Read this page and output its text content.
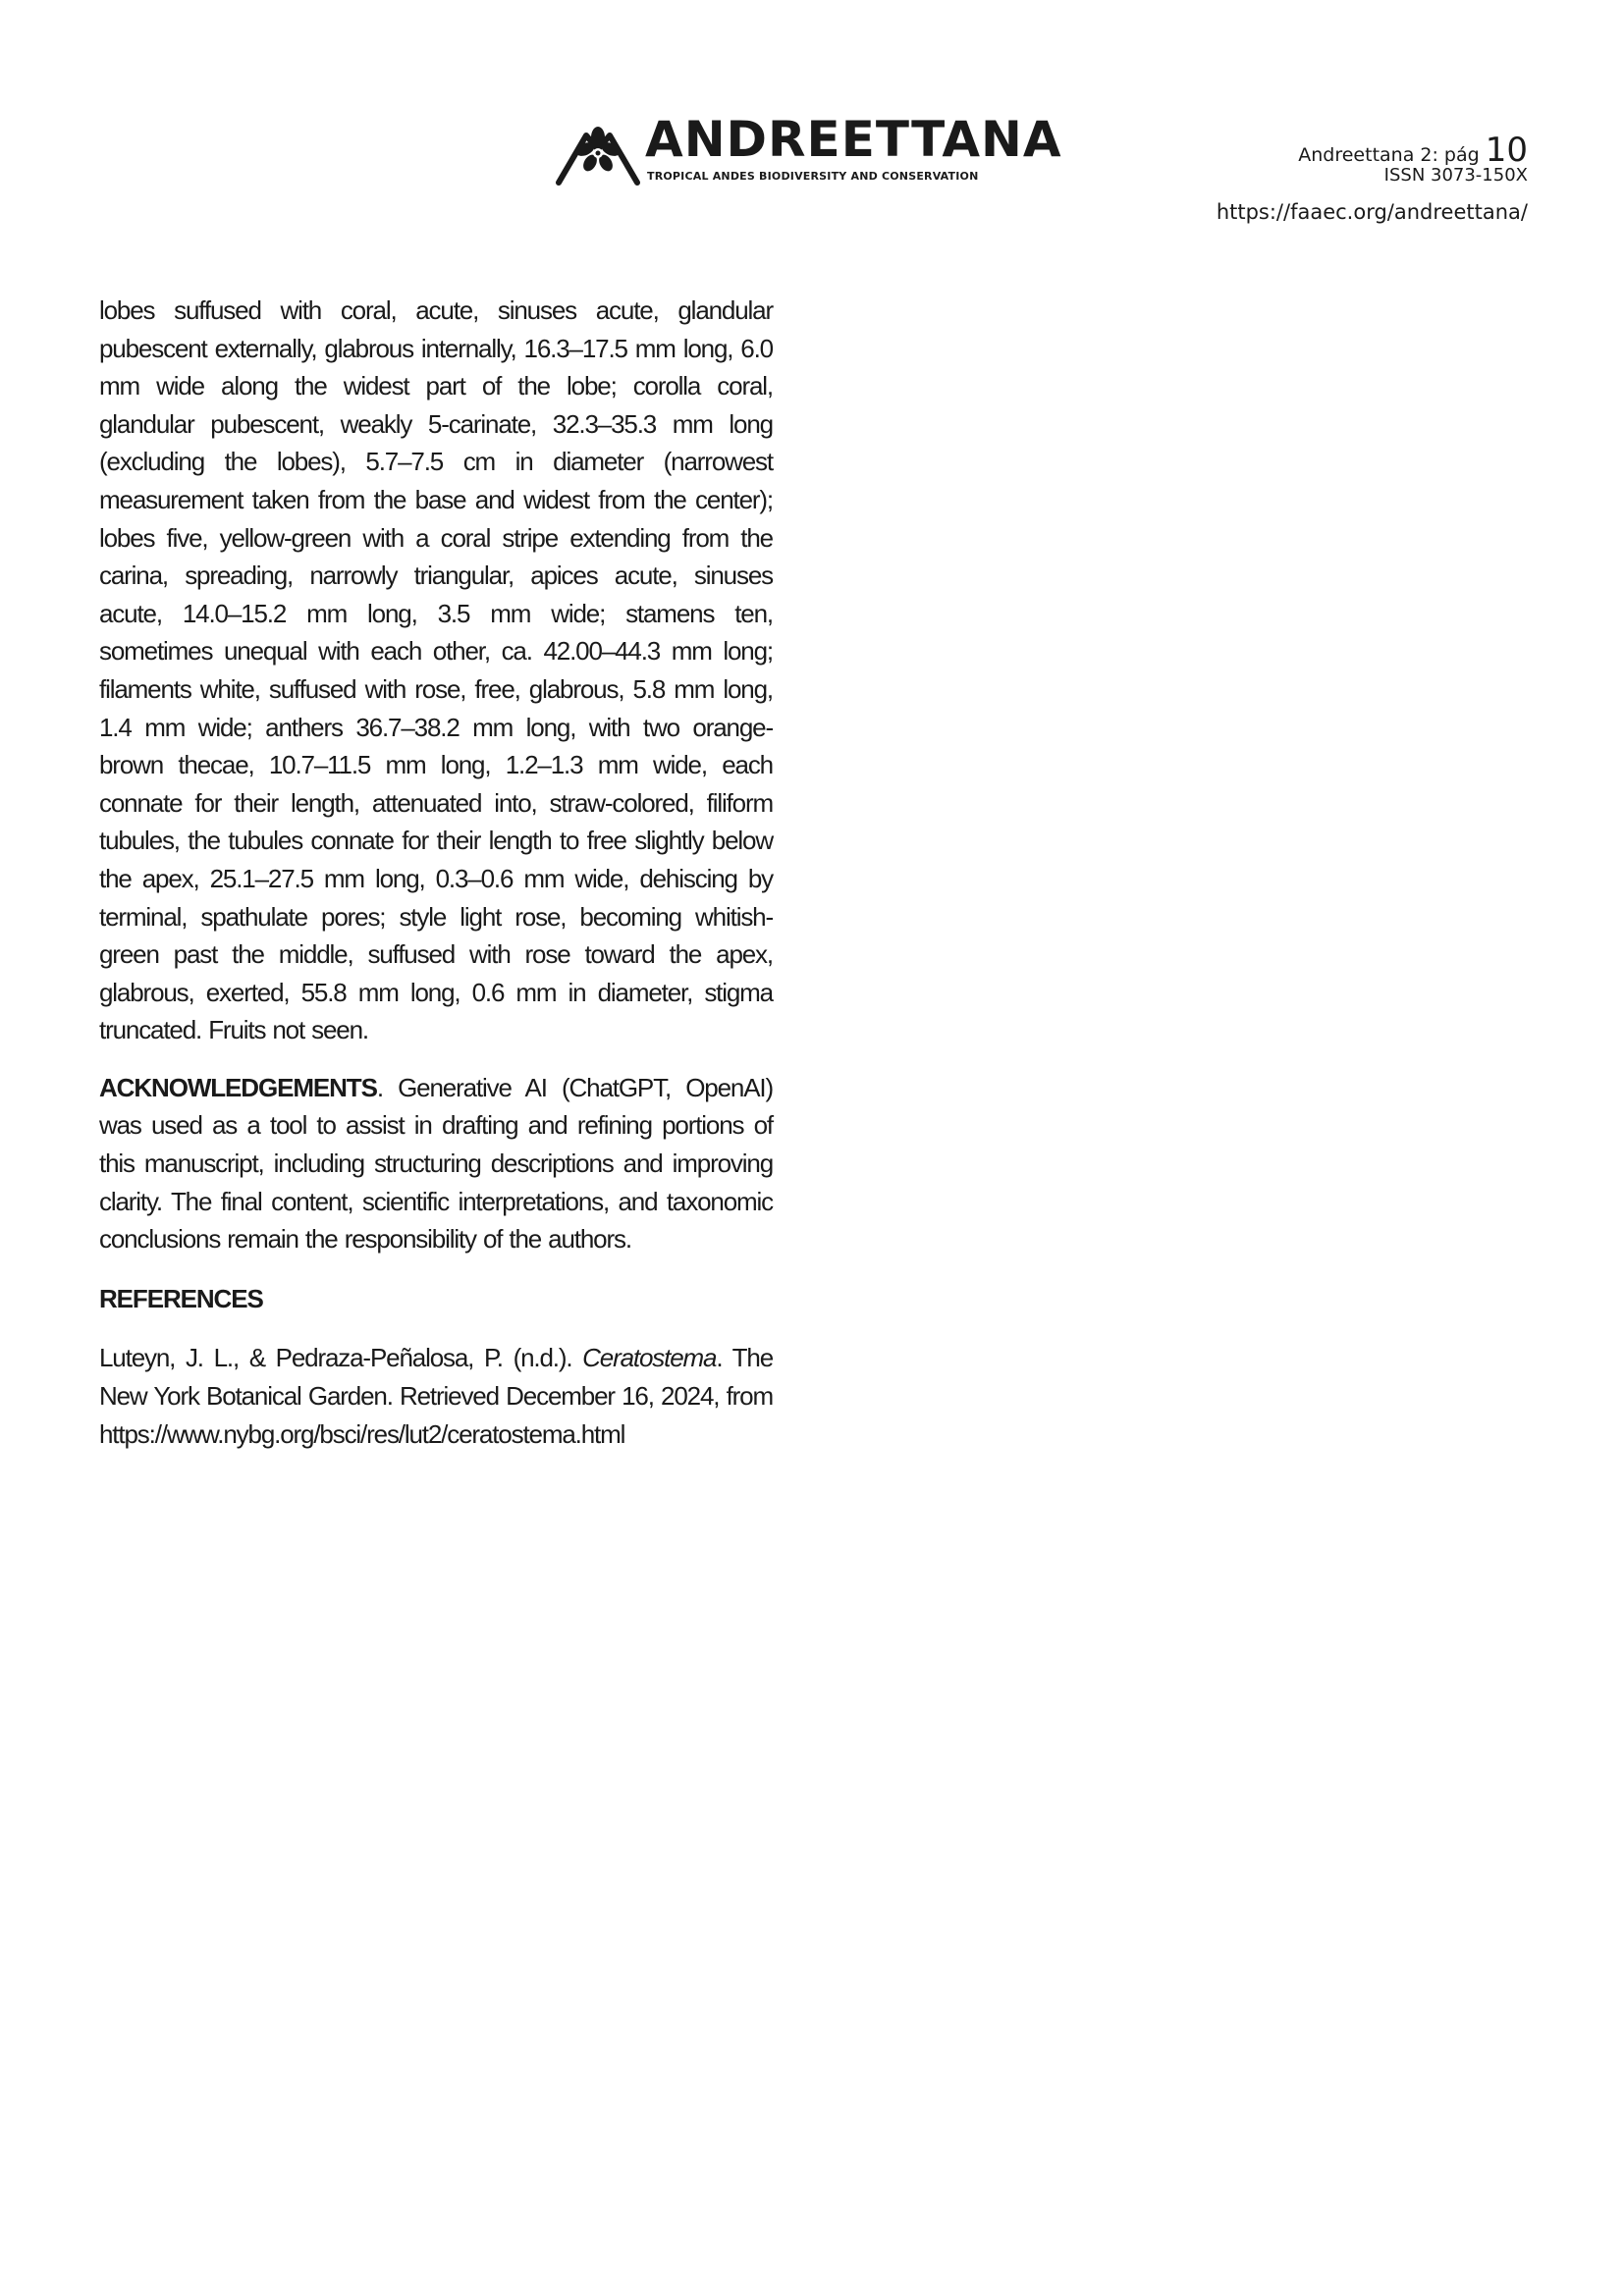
ANDREETTANA
TROPICAL ANDES BIODIVERSITY AND CONSERVATION
Andreettana 2: pág 10
ISSN 3073-150X
https://faaec.org/andreettana/

lobes suffused with coral, acute, sinuses acute, glandular pubescent externally, glabrous internally, 16.3–17.5 mm long, 6.0 mm wide along the widest part of the lobe; corolla coral, glandular pubescent, weakly 5-carinate, 32.3–35.3 mm long (excluding the lobes), 5.7–7.5 cm in diameter (narrowest measurement taken from the base and widest from the center); lobes five, yellow-green with a coral stripe extending from the carina, spreading, narrowly triangular, apices acute, sinuses acute, 14.0–15.2 mm long, 3.5 mm wide; stamens ten, sometimes unequal with each other, ca. 42.00–44.3 mm long; filaments white, suffused with rose, free, glabrous, 5.8 mm long, 1.4 mm wide; anthers 36.7–38.2 mm long, with two orange-brown thecae, 10.7–11.5 mm long, 1.2–1.3 mm wide, each connate for their length, attenuated into, straw-colored, filiform tubules, the tubules connate for their length to free slightly below the apex, 25.1–27.5 mm long, 0.3–0.6 mm wide, dehiscing by terminal, spathulate pores; style light rose, becoming whitish-green past the middle, suffused with rose toward the apex, glabrous, exerted, 55.8 mm long, 0.6 mm in diameter, stigma truncated. Fruits not seen.

ACKNOWLEDGEMENTS. Generative AI (ChatGPT, OpenAI) was used as a tool to assist in drafting and refining portions of this manuscript, including structuring descriptions and improving clarity. The final content, scientific interpretations, and taxonomic conclusions remain the responsibility of the authors.

REFERENCES

Luteyn, J. L., & Pedraza-Peñalosa, P. (n.d.). Ceratostema. The New York Botanical Garden. Retrieved December 16, 2024, from https://www.nybg.org/bsci/res/lut2/ceratostema.html
